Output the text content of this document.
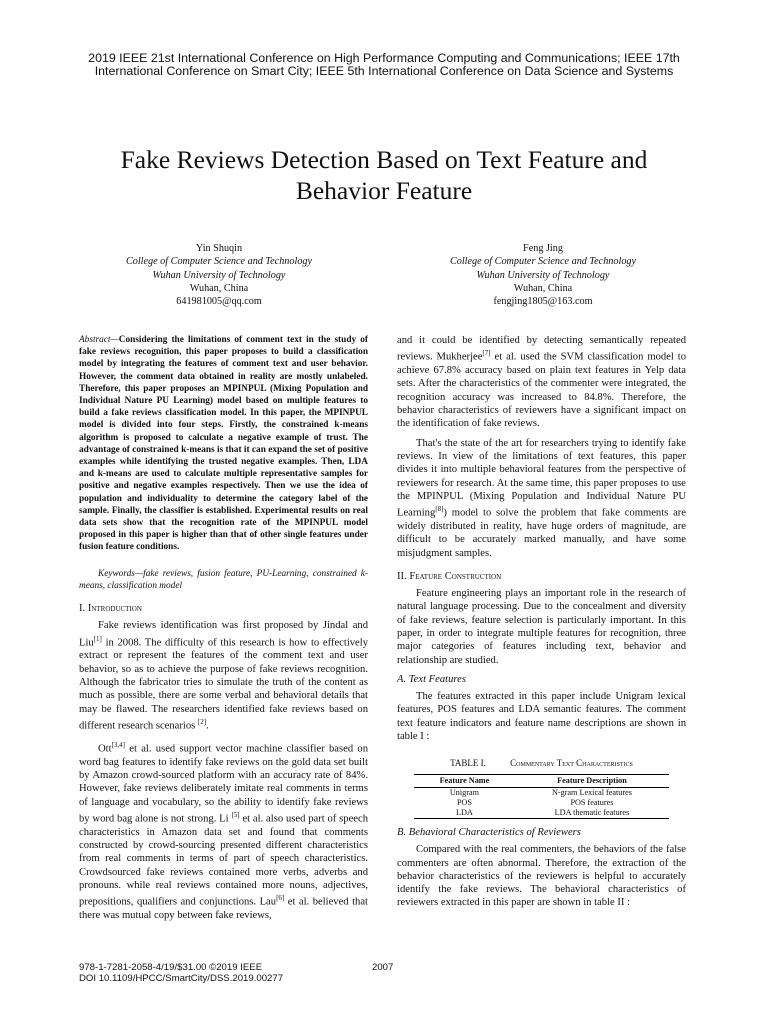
2019 IEEE 21st International Conference on High Performance Computing and Communications; IEEE 17th
International Conference on Smart City; IEEE 5th International Conference on Data Science and Systems
Fake Reviews Detection Based on Text Feature and
Behavior Feature
Yin Shuqin
College of Computer Science and Technology
Wuhan University of Technology
Wuhan, China
641981005@qq.com
Feng Jing
College of Computer Science and Technology
Wuhan University of Technology
Wuhan, China
fengjing1805@163.com

Abstract—Considering the limitations of comment text in the study of fake reviews recognition, this paper proposes to build a classification model by integrating the features of comment text and user behavior. However, the comment data obtained in reality are mostly unlabeled. Therefore, this paper proposes an MPINPUL (Mixing Population and Individual Nature PU Learning) model based on multiple features to build a fake reviews classification model. In this paper, the MPINPUL model is divided into four steps. Firstly, the constrained k-means algorithm is proposed to calculate a negative example of trust. The advantage of constrained k-means is that it can expand the set of positive examples while identifying the trusted negative examples. Then, LDA and k-means are used to calculate multiple representative samples for positive and negative examples respectively. Then we use the idea of population and individuality to determine the category label of the sample. Finally, the classifier is established. Experimental results on real data sets show that the recognition rate of the MPINPUL model proposed in this paper is higher than that of other single features under fusion feature conditions.

Keywords—fake reviews, fusion feature, PU-Learning, constrained k-means, classification model

I. Introduction

Fake reviews identification was first proposed by Jindal and Liu[1] in 2008. The difficulty of this research is how to effectively extract or represent the features of the comment text and user behavior, so as to achieve the purpose of fake reviews recognition. Although the fabricator tries to simulate the truth of the content as much as possible, there are some verbal and behavioral details that may be flawed. The researchers identified fake reviews based on different research scenarios [2].

Ott[3,4] et al. used support vector machine classifier based on word bag features to identify fake reviews on the gold data set built by Amazon crowd-sourced platform with an accuracy rate of 84%. However, fake reviews deliberately imitate real comments in terms of language and vocabulary, so the ability to identify fake reviews by word bag alone is not strong. Li [5] et al. also used part of speech characteristics in Amazon data set and found that comments constructed by crowd-sourcing presented different characteristics from real comments in terms of part of speech characteristics. Crowdsourced fake reviews contained more verbs, adverbs and pronouns. while real reviews contained more nouns, adjectives, prepositions, qualifiers and conjunctions. Lau[6] et al. believed that there was mutual copy between fake reviews,

and it could be identified by detecting semantically repeated reviews. Mukherjee[7] et al. used the SVM classification model to achieve 67.8% accuracy based on plain text features in Yelp data sets. After the characteristics of the commenter were integrated, the recognition accuracy was increased to 84.8%. Therefore, the behavior characteristics of reviewers have a significant impact on the identification of fake reviews.

That's the state of the art for researchers trying to identify fake reviews. In view of the limitations of text features, this paper divides it into multiple behavioral features from the perspective of reviewers for research. At the same time, this paper proposes to use the MPINPUL (Mixing Population and Individual Nature PU Learning[8]) model to solve the problem that fake comments are widely distributed in reality, have huge orders of magnitude, are difficult to be accurately marked manually, and have some misjudgment samples.

II. Feature Construction

Feature engineering plays an important role in the research of natural language processing. Due to the concealment and diversity of fake reviews, feature selection is particularly important. In this paper, in order to integrate multiple features for recognition, three major categories of features including text, behavior and relationship are studied.

A. Text Features

The features extracted in this paper include Unigram lexical features, POS features and LDA semantic features. The comment text feature indicators and feature name descriptions are shown in table I :

TABLE I.	Commentary Text Characteristics
Feature Name	Feature Description
Unigram	N-gram Lexical features
POS	POS features
LDA	LDA thematic features

B. Behavioral Characteristics of Reviewers

Compared with the real commenters, the behaviors of the false commenters are often abnormal. Therefore, the extraction of the behavior characteristics of the reviewers is helpful to accurately identify the fake reviews. The behavioral characteristics of reviewers extracted in this paper are shown in table II :

978-1-7281-2058-4/19/$31.00 ©2019 IEEE
DOI 10.1109/HPCC/SmartCity/DSS.2019.00277
2007
